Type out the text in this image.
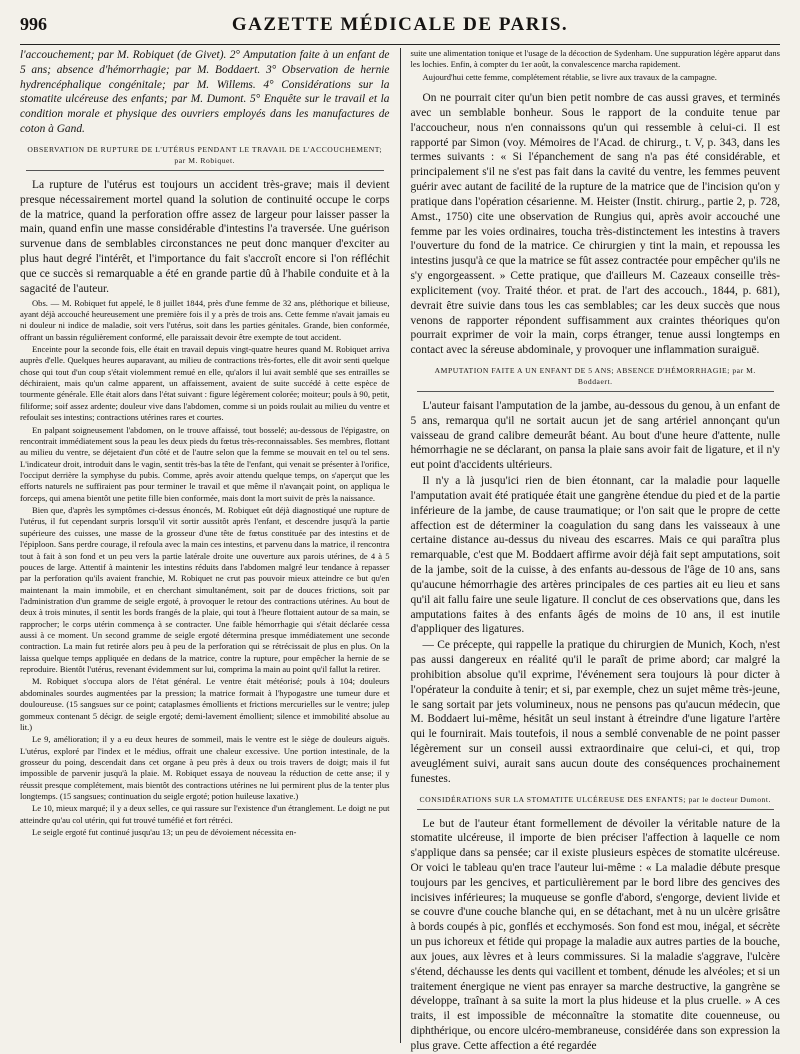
996	GAZETTE MÉDICALE DE PARIS.

l'accouchement; par M. Robiquet (de Givet). 2° Amputation faite à un enfant de 5 ans; absence d'hémorrhagie; par M. Boddaert. 3° Observation de hernie hydrencéphalique congénitale; par M. Willems. 4° Considérations sur la stomatite ulcéreuse des enfants; par M. Dumont. 5° Enquête sur le travail et la condition morale et physique des ouvriers employés dans les manufactures de coton à Gand.

OBSERVATION DE RUPTURE DE L'UTÉRUS PENDANT LE TRAVAIL DE L'ACCOUCHEMENT; par M. Robiquet.

La rupture de l'utérus est toujours un accident très-grave; mais il devient presque nécessairement mortel quand la solution de continuité occupe le corps de la matrice, quand la perforation offre assez de largeur pour laisser passer la main, quand enfin une masse considérable d'intestins l'a traversée. Une guérison survenue dans de semblables circonstances ne peut donc manquer d'exciter au plus haut degré l'intérêt, et l'importance du fait s'accroît encore si l'on réfléchit que ce succès si remarquable a été en grande partie dû à l'habile conduite et à la sagacité de l'auteur.

Obs. — M. Robiquet fut appelé, le 8 juillet 1844, près d'une femme de 32 ans, pléthorique et bilieuse, ayant déjà accouché heureusement une première fois il y a près de trois ans. Cette femme n'avait jamais eu ni douleur ni indice de maladie, soit vers l'utérus, soit dans les parties génitales. Grande, bien conformée, offrant un bassin régulièrement conformé, elle paraissait devoir être exempte de tout accident.

Enceinte pour la seconde fois, elle était en travail depuis vingt-quatre heures quand M. Robiquet arriva auprès d'elle. Quelques heures auparavant, au milieu de contractions très-fortes, elle dit avoir senti quelque chose qui tout d'un coup s'était violemment remué en elle, qu'alors il lui avait semblé que ses entrailles se déchiraient, mais qu'un calme apparent, un affaissement, avaient de suite succédé à cette espèce de tourmente générale. Elle était alors dans l'état suivant : figure légèrement colorée; moiteur; pouls à 90, petit, filiforme; soif assez ardente; douleur vive dans l'abdomen, comme si un poids roulait au milieu du ventre et refoulait ses intestins; contractions utérines rares et courtes.

En palpant soigneusement l'abdomen, on le trouve affaissé, tout bosselé; au-dessous de l'épigastre, on rencontrait immédiatement sous la peau les deux pieds du fœtus très-reconnaissables. Ses membres, flottant au milieu du ventre, se déjetaient d'un côté et de l'autre selon que la femme se mouvait en tel ou tel sens. L'indicateur droit, introduit dans le vagin, sentit très-bas la tête de l'enfant, qui venait se présenter à l'orifice, l'occiput derrière la symphyse du pubis. Comme, après avoir attendu quelque temps, on s'aperçut que les efforts naturels ne suffiraient pas pour terminer le travail et que même il n'avançait point, on appliqua le forceps, qui amena bientôt une petite fille bien conformée, mais dont la mort suivit de près la naissance.

Bien que, d'après les symptômes ci-dessus énoncés, M. Robiquet eût déjà diagnostiqué une rupture de l'utérus, il fut cependant surpris lorsqu'il vit sortir aussitôt après l'enfant, et descendre jusqu'à la partie supérieure des cuisses, une masse de la grosseur d'une tête de fœtus constituée par des intestins et de l'épiploon. Sans perdre courage, il refoula avec la main ces intestins, et parvenu dans la matrice, il rencontra tout à fait à son fond et un peu vers la partie latérale droite une ouverture aux parois utérines, de 4 à 5 pouces de large. Attentif à maintenir les intestins réduits dans l'abdomen malgré leur tendance à repasser par la perforation qu'ils avaient franchie, M. Robiquet ne crut pas pouvoir mieux atteindre ce but qu'en maintenant la main immobile, et en cherchant simultanément, soit par de douces frictions, soit par l'administration d'un gramme de seigle ergoté, à provoquer le retour des contractions utérines. Au bout de deux à trois minutes, il sentit les bords frangés de la plaie, qui tout à l'heure flottaient autour de sa main, se rapprocher; le corps utérin commença à se contracter. Une faible hémorrhagie qui s'était déclarée cessa aussi à ce moment. Un second gramme de seigle ergoté détermina presque immédiatement une seconde contraction. La main fut retirée alors peu à peu de la perforation qui se rétrécissait de plus en plus. On la laissa quelque temps appliquée en dedans de la matrice, contre la rupture, pour empêcher la hernie de se reproduire. Bientôt l'utérus, revenant évidemment sur lui, comprima la main au point qu'il fallut la retirer.

M. Robiquet s'occupa alors de l'état général. Le ventre était météorisé; pouls à 104; douleurs abdominales sourdes augmentées par la pression; la matrice formait à l'hypogastre une tumeur dure et douloureuse. (15 sangsues sur ce point; cataplasmes émollients et frictions mercurielles sur le ventre; julep gommeux contenant 5 décigr. de seigle ergoté; demi-lavement émollient; silence et immobilité absolue au lit.)

Le 9, amélioration; il y a eu deux heures de sommeil, mais le ventre est le siège de douleurs aiguës. L'utérus, exploré par l'index et le médius, offrait une chaleur excessive. Une portion intestinale, de la grosseur du poing, descendait dans cet organe à peu près à deux ou trois travers de doigt; mais il fut impossible de parvenir jusqu'à la plaie. M. Robiquet essaya de nouveau la réduction de cette anse; il y réussit presque complétement, mais bientôt des contractions utérines ne lui permirent plus de la tenter plus longtemps. (15 sangsues; continuation du seigle ergoté; potion huileuse laxative.)

Le 10, mieux marqué; il y a deux selles, ce qui rassure sur l'existence d'un étranglement. Le doigt ne put atteindre qu'au col utérin, qui fut trouvé tuméfié et fort rétréci.

Le seigle ergoté fut continué jusqu'au 13; un peu de dévoiement nécessita en-

suite une alimentation tonique et l'usage de la décoction de Sydenham. Une suppuration légère apparut dans les lochies. Enfin, à compter du 1er août, la convalescence marcha rapidement.

Aujourd'hui cette femme, complétement rétablie, se livre aux travaux de la campagne.

On ne pourrait citer qu'un bien petit nombre de cas aussi graves, et terminés avec un semblable bonheur. Sous le rapport de la conduite tenue par l'accoucheur, nous n'en connaissons qu'un qui ressemble à celui-ci. Il est rapporté par Simon (voy. Mémoires de l'Acad. de chirurg., t. V, p. 343, dans les termes suivants : « Si l'épanchement de sang n'a pas été considérable, et principalement s'il ne s'est pas fait dans la cavité du ventre, les femmes peuvent guérir avec autant de facilité de la rupture de la matrice que de l'incision qu'on y pratique dans l'opération césarienne. M. Heister (Instit. chirurg., partie 2, p. 728, Amst., 1750) cite une observation de Rungius qui, après avoir accouché une femme par les voies ordinaires, toucha très-distinctement les intestins à travers l'ouverture du fond de la matrice. Ce chirurgien y tint la main, et repoussa les intestins jusqu'à ce que la matrice se fût assez contractée pour empêcher qu'ils ne s'y engorgeassent. » Cette pratique, que d'ailleurs M. Cazeaux conseille très-explicitement (voy. Traité théor. et prat. de l'art des accouch., 1844, p. 681), devrait être suivie dans tous les cas semblables; car les deux succès que nous venons de rapporter répondent suffisamment aux craintes théoriques qu'on pourrait exprimer de voir la main, corps étranger, tenue aussi longtemps en contact avec la séreuse abdominale, y provoquer une inflammation suraiguë.

AMPUTATION FAITE A UN ENFANT DE 5 ANS; ABSENCE D'HÉMORRHAGIE; par M. Boddaert.

L'auteur faisant l'amputation de la jambe, au-dessous du genou, à un enfant de 5 ans, remarqua qu'il ne sortait aucun jet de sang artériel annonçant qu'un vaisseau de grand calibre demeurât béant. Au bout d'une heure d'attente, nulle hémorrhagie ne se déclarant, on pansa la plaie sans avoir fait de ligature, et il n'y eut point d'accidents ultérieurs.

Il n'y a là jusqu'ici rien de bien étonnant, car la maladie pour laquelle l'amputation avait été pratiquée était une gangrène étendue du pied et de la partie inférieure de la jambe, de cause traumatique; or l'on sait que le propre de cette affection est de déterminer la coagulation du sang dans les vaisseaux à une certaine distance au-dessus du niveau des escarres. Mais ce qui paraîtra plus remarquable, c'est que M. Boddaert affirme avoir déjà fait sept amputations, soit de la jambe, soit de la cuisse, à des enfants au-dessous de l'âge de 10 ans, sans qu'aucune hémorrhagie des artères principales de ces parties ait eu lieu et sans qu'il ait fallu faire une seule ligature. Il conclut de ces observations que, dans les amputations faites à des enfants âgés de moins de 10 ans, il est inutile d'appliquer des ligatures.

— Ce précepte, qui rappelle la pratique du chirurgien de Munich, Koch, n'est pas aussi dangereux en réalité qu'il le paraît de prime abord; car malgré la prohibition absolue qu'il exprime, l'événement sera toujours là pour dicter à l'opérateur la conduite à tenir; et si, par exemple, chez un sujet même très-jeune, le sang sortait par jets volumineux, nous ne pensons pas qu'aucun médecin, que M. Boddaert lui-même, hésitât un seul instant à étreindre d'une ligature l'artère qui le fournirait. Mais toutefois, il nous a semblé convenable de ne point passer légèrement sur un conseil aussi extraordinaire que celui-ci, et qui, trop aveuglément suivi, aurait sans aucun doute des conséquences prochainement funestes.

CONSIDÉRATIONS SUR LA STOMATITE ULCÉREUSE DES ENFANTS; par le docteur Dumont.

Le but de l'auteur étant formellement de dévoiler la véritable nature de la stomatite ulcéreuse, il importe de bien préciser l'affection à laquelle ce nom s'applique dans sa pensée; car il existe plusieurs espèces de stomatite ulcéreuse. Or voici le tableau qu'en trace l'auteur lui-même : « La maladie débute presque toujours par les gencives, et particulièrement par le bord libre des gencives des incisives inférieures; la muqueuse se gonfle d'abord, s'engorge, devient livide et se couvre d'une couche blanche qui, en se détachant, met à nu un ulcère grisâtre à bords coupés à pic, gonflés et ecchymosés. Son fond est mou, inégal, et sécrète un pus ichoreux et fétide qui propage la maladie aux autres parties de la bouche, aux joues, aux lèvres et à leurs commissures. Si la maladie s'aggrave, l'ulcère s'étend, déchausse les dents qui vacillent et tombent, dénude les alvéoles; et si un traitement énergique ne vient pas enrayer sa marche destructive, la gangrène se développe, traînant à sa suite la mort la plus hideuse et la plus cruelle. » A ces traits, il est impossible de méconnaître la stomatite dite couenneuse, ou diphthérique, ou encore ulcéro-membraneuse, considérée dans son expression la plus grave. Cette affection a été regardée
